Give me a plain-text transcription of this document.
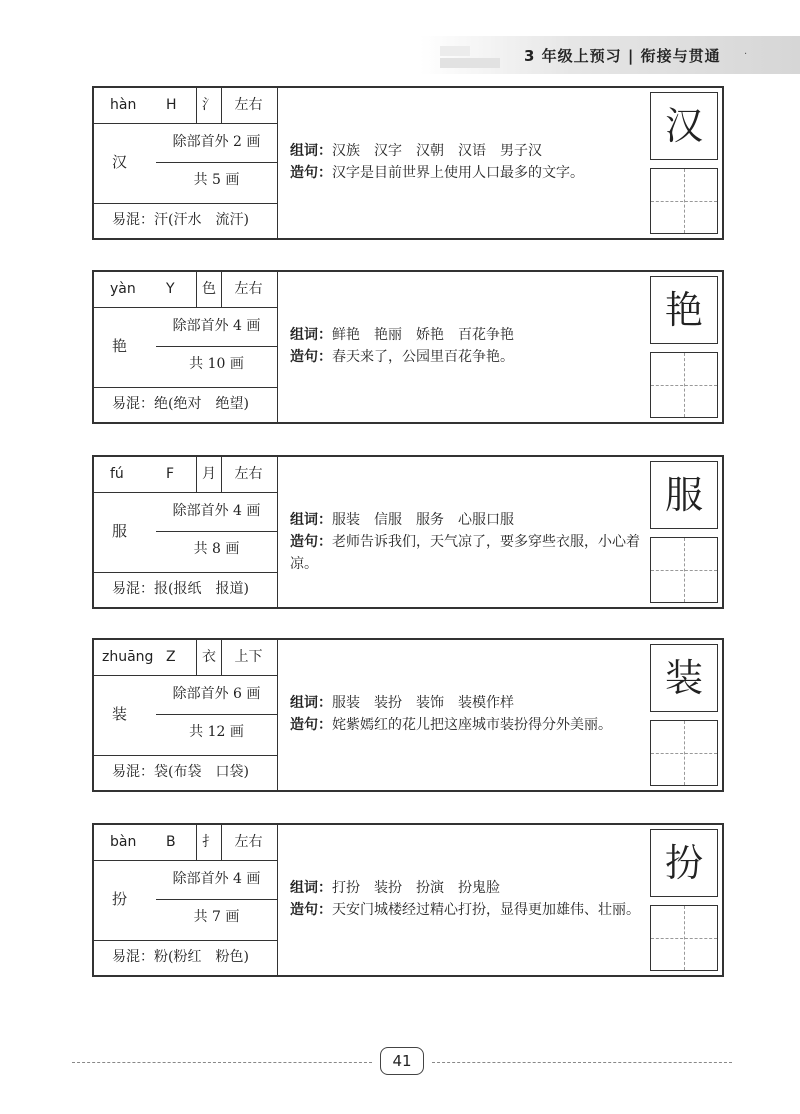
3 年级上预习 | 衔接与贯通 ·
hàn H	氵	左右
汉
除部首外 2 画
共 5 画
易混：汗(汗水　流汗)
组词：汉族　汉字　汉朝　汉语　男子汉
造句：汉字是目前世界上使用人口最多的文字。
汉
yàn Y	色	左右
艳
除部首外 4 画
共 10 画
易混：绝(绝对　绝望)
组词：鲜艳　艳丽　娇艳　百花争艳
造句：春天来了，公园里百花争艳。
艳
fú	F	月	左右
服
除部首外 4 画
共 8 画
易混：报(报纸　报道)
组词：服装　信服　服务　心服口服
造句：老师告诉我们，天气凉了，要多穿些衣服，小心着凉。
服
zhuāng Z	衣	上下
装
除部首外 6 画
共 12 画
易混：袋(布袋　口袋)
组词：服装　装扮　装饰　装模作样
造句：姹紫嫣红的花儿把这座城市装扮得分外美丽。
装
bàn B	扌	左右
扮
除部首外 4 画
共 7 画
易混：粉(粉红　粉色)
组词：打扮　装扮　扮演　扮鬼脸
造句：天安门城楼经过精心打扮，显得更加雄伟、壮丽。
扮
41
